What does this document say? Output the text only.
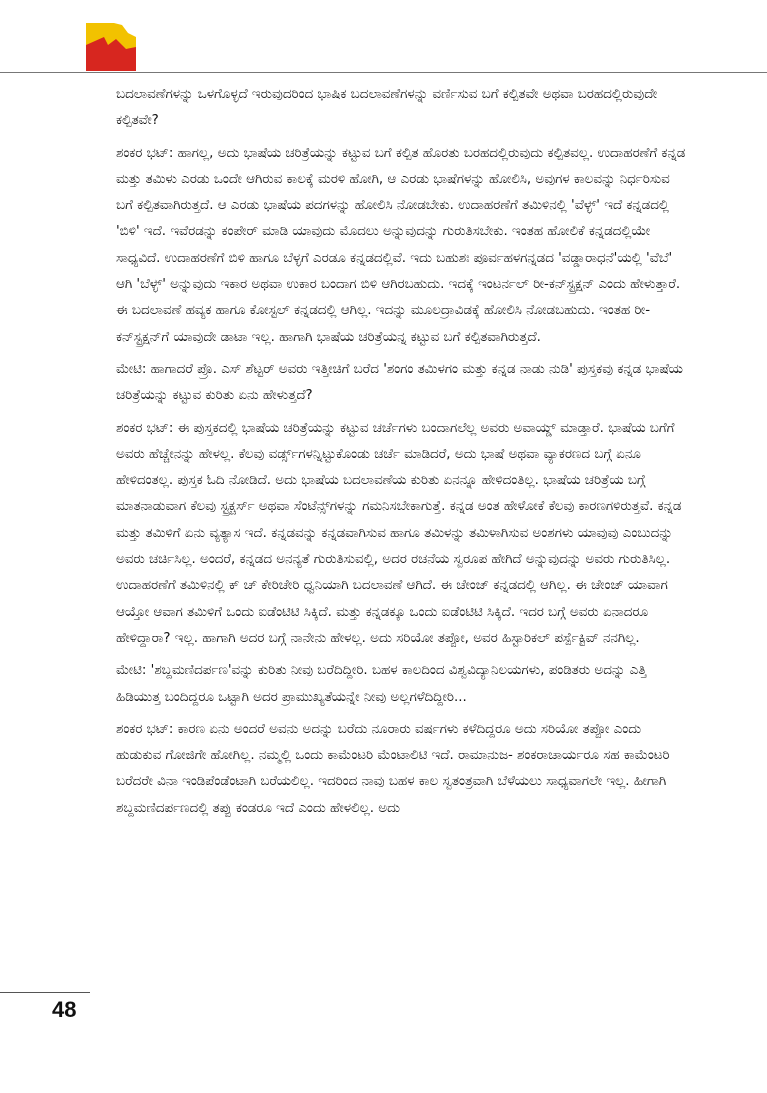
ಬದಲಾವಣೆಗಳನ್ನು ಒಳಗೊಳ್ಳದೆ ಇರುವುದರಿಂದ ಭಾಷಿಕ ಬದಲಾವಣೆಗಳನ್ನು ವರ್ಣಿಸುವ ಬಗೆ ಕಲ್ಪಿತವೇ ಅಥವಾ ಬರಹದಲ್ಲಿರುವುದೇ ಕಲ್ಪಿತವೇ?

ಶಂಕರ ಭಟ್: ಹಾಗಲ್ಲ, ಅದು ಭಾಷೆಯ ಚರಿತ್ರೆಯನ್ನು ಕಟ್ಟುವ ಬಗೆ ಕಲ್ಪಿತ ಹೊರತು ಬರಹದಲ್ಲಿರುವುದು ಕಲ್ಪಿತವಲ್ಲ. ಉದಾಹರಣೆಗೆ ಕನ್ನಡ ಮತ್ತು ತಮಿಳು ಎರಡು ಒಂದೇ ಆಗಿರುವ ಕಾಲಕ್ಕೆ ಮರಳಿ ಹೋಗಿ, ಆ ಎರಡು ಭಾಷೆಗಳನ್ನು ಹೋಲಿಸಿ, ಅವುಗಳ ಕಾಲವನ್ನು ನಿರ್ಧರಿಸುವ ಬಗೆ ಕಲ್ಪಿತವಾಗಿರುತ್ತದೆ. ಆ ಎರಡು ಭಾಷೆಯ ಪದಗಳನ್ನು ಹೋಲಿಸಿ ನೋಡಬೇಕು. ಉದಾಹರಣೆಗೆ ತಮಿಳಿನಲ್ಲಿ 'ವೆಳ್ಳ್' ಇದೆ ಕನ್ನಡದಲ್ಲಿ 'ಬಿಳಿ' ಇದೆ. ಇವೆರಡನ್ನು ಕಂಪೇರ್ ಮಾಡಿ ಯಾವುದು ಮೊದಲು ಅನ್ನುವುದನ್ನು ಗುರುತಿಸಬೇಕು. ಇಂತಹ ಹೋಲಿಕೆ ಕನ್ನಡದಲ್ಲಿಯೇ ಸಾಧ್ಯವಿದೆ. ಉದಾಹರಣೆಗೆ ಬಿಳಿ ಹಾಗೂ ಬೆಳ್ಳಗೆ ಎರಡೂ ಕನ್ನಡದಲ್ಲಿವೆ. ಇದು ಬಹುಶಃ ಪೂರ್ವಹಳಗನ್ನಡದ 'ವಡ್ಡಾರಾಧನೆ'ಯಲ್ಲಿ 'ವೆಬೆ' ಆಗಿ 'ಬೆಳ್ಳ್' ಅನ್ನುವುದು ಇಕಾರ ಅಥವಾ ಉಕಾರ ಬಂದಾಗ ಬಿಳಿ ಆಗಿರಬಹುದು. ಇದಕ್ಕೆ ಇಂಟರ್ನಲ್ ರೀ-ಕನ್‌ಸ್ಟ್ರಕ್ಷನ್ ಎಂದು ಹೇಳುತ್ತಾರೆ. ಈ ಬದಲಾವಣೆ ಹವ್ಯಕ ಹಾಗೂ ಕೋಸ್ಟಲ್ ಕನ್ನಡದಲ್ಲಿ ಆಗಿಲ್ಲ. ಇದನ್ನು ಮೂಲದ್ರಾವಿಡಕ್ಕೆ ಹೋಲಿಸಿ ನೋಡಬಹುದು. ಇಂತಹ ರೀ-ಕನ್‌ಸ್ಟ್ರಕ್ಷನ್‌ಗೆ ಯಾವುದೇ ಡಾಟಾ ಇಲ್ಲ. ಹಾಗಾಗಿ ಭಾಷೆಯ ಚರಿತ್ರೆಯನ್ನ ಕಟ್ಟುವ ಬಗೆ ಕಲ್ಪಿತವಾಗಿರುತ್ತದೆ.

ಮೇಟಿ: ಹಾಗಾದರೆ ಪ್ರೊ. ಎಸ್ ಶೆಟ್ಟರ್ ಅವರು ಇತ್ತೀಚಿಗೆ ಬರೆದ 'ಶಂಗಂ ತಮಿಳಗಂ ಮತ್ತು ಕನ್ನಡ ನಾಡು ನುಡಿ' ಪುಸ್ತಕವು ಕನ್ನಡ ಭಾಷೆಯ ಚರಿತ್ರೆಯನ್ನು ಕಟ್ಟುವ ಕುರಿತು ಏನು ಹೇಳುತ್ತದೆ?

ಶಂಕರ ಭಟ್: ಈ ಪುಸ್ತಕದಲ್ಲಿ ಭಾಷೆಯ ಚರಿತ್ರೆಯನ್ನು ಕಟ್ಟುವ ಚರ್ಚೆಗಳು ಬಂದಾಗಲೆಲ್ಲ ಅವರು ಅವಾಯ್ಡ್ ಮಾಡ್ತಾರೆ. ಭಾಷೆಯ ಬಗೆಗೆ ಅವರು ಹೆಚ್ಚೇನನ್ನು ಹೇಳಲ್ಲ. ಕೆಲವು ವರ್ಡ್ಸ್‌ಗಳನ್ನಿಟ್ಟುಕೊಂಡು ಚರ್ಚೆ ಮಾಡಿದರೆ, ಅದು ಭಾಷೆ ಅಥವಾ ವ್ಯಾಕರಣದ ಬಗ್ಗೆ ಏನೂ ಹೇಳಿದಂತಲ್ಲ. ಪುಸ್ತಕ ಓದಿ ನೋಡಿದೆ. ಅದು ಭಾಷೆಯ ಬದಲಾವಣೆಯ ಕುರಿತು ಏನನ್ನೂ ಹೇಳಿದಂತಿಲ್ಲ. ಭಾಷೆಯ ಚರಿತ್ರೆಯ ಬಗ್ಗೆ ಮಾತನಾಡುವಾಗ ಕೆಲವು ಸ್ಟ್ರಕ್ಚರ್ಸ್ ಅಥವಾ ಸೆಂಟೆನ್ಸ್‌ಗಳನ್ನು ಗಮನಿಸಬೇಕಾಗುತ್ತೆ. ಕನ್ನಡ ಅಂತ ಹೇಳೋಕೆ ಕೆಲವು ಕಾರಣಗಳಿರುತ್ತವೆ. ಕನ್ನಡ ಮತ್ತು ತಮಿಳಿಗೆ ಏನು ವ್ಯತ್ಯಾಸ ಇದೆ. ಕನ್ನಡವನ್ನು ಕನ್ನಡವಾಗಿಸುವ ಹಾಗೂ ತಮಿಳನ್ನು ತಮಿಳಾಗಿಸುವ ಅಂಶಗಳು ಯಾವುವು ಎಂಬುದನ್ನು ಅವರು ಚರ್ಚಿಸಿಲ್ಲ. ಅಂದರೆ, ಕನ್ನಡದ ಅನನ್ಯತೆ ಗುರುತಿಸುವಲ್ಲಿ, ಅದರ ರಚನೆಯ ಸ್ವರೂಪ ಹೇಗಿದೆ ಅನ್ನುವುದನ್ನು ಅವರು ಗುರುತಿಸಿಲ್ಲ. ಉದಾಹರಣೆಗೆ ತಮಿಳಿನಲ್ಲಿ ಕ್ ಚ್ ಕೇರಿಚೇರಿ ಧ್ವನಿಯಾಗಿ ಬದಲಾವಣೆ ಆಗಿದೆ. ಈ ಚೇಂಜ್ ಕನ್ನಡದಲ್ಲಿ ಆಗಿಲ್ಲ. ಈ ಚೇಂಜ್ ಯಾವಾಗ ಆಯ್ತೋ ಆವಾಗ ತಮಿಳಿಗೆ ಒಂದು ಐಡೆಂಟಿಟಿ ಸಿಕ್ಕಿದೆ. ಮತ್ತು ಕನ್ನಡಕ್ಕೂ ಒಂದು ಐಡೆಂಟಿಟಿ ಸಿಕ್ಕಿದೆ. ಇದರ ಬಗ್ಗೆ ಅವರು ಏನಾದರೂ ಹೇಳಿದ್ದಾರಾ? ಇಲ್ಲ. ಹಾಗಾಗಿ ಅದರ ಬಗ್ಗೆ ನಾನೇನು ಹೇಳಲ್ಲ. ಅದು ಸರಿಯೋ ತಪ್ಪೋ, ಅವರ ಹಿಸ್ಟಾರಿಕಲ್ ಪರ್ಸ್ಪೆಕ್ಟಿವ್ ನನಗಿಲ್ಲ.

ಮೇಟಿ: 'ಶಬ್ದಮಣಿದರ್ಪಣ'ವನ್ನು ಕುರಿತು ನೀವು ಬರೆದಿದ್ದೀರಿ. ಬಹಳ ಕಾಲದಿಂದ ವಿಶ್ವವಿದ್ಯಾನಿಲಯಗಳು, ಪಂಡಿತರು ಅದನ್ನು ಎತ್ತಿ ಹಿಡಿಯುತ್ತ ಬಂದಿದ್ದರೂ ಒಟ್ಟಾಗಿ ಅದರ ಪ್ರಾಮುಖ್ಯತೆಯನ್ನೇ ನೀವು ಅಲ್ಲಗಳೆದಿದ್ದೀರಿ...

ಶಂಕರ ಭಟ್: ಕಾರಣ ಏನು ಅಂದರೆ ಅವನು ಅದನ್ನು ಬರೆದು ನೂರಾರು ವರ್ಷಗಳು ಕಳೆದಿದ್ದರೂ ಅದು ಸರಿಯೋ ತಪ್ಪೋ ಎಂದು ಹುಡುಕುವ ಗೋಜಿಗೇ ಹೋಗಿಲ್ಲ. ನಮ್ಮಲ್ಲಿ ಒಂದು ಕಾಮೆಂಟರಿ ಮೆಂಟಾಲಿಟಿ ಇದೆ. ರಾಮಾನುಜ- ಶಂಕರಾಚಾರ್ಯರೂ ಸಹ ಕಾಮೆಂಟರಿ ಬರೆದರೇ ವಿನಾ ಇಂಡಿಪೆಂಡೆಂಟಾಗಿ ಬರೆಯಲಿಲ್ಲ. ಇದರಿಂದ ನಾವು ಬಹಳ ಕಾಲ ಸ್ವತಂತ್ರವಾಗಿ ಬೆಳೆಯಲು ಸಾಧ್ಯವಾಗಲೇ ಇಲ್ಲ. ಹೀಗಾಗಿ ಶಬ್ದಮಣಿದರ್ಪಣದಲ್ಲಿ ತಪ್ಪು ಕಂಡರೂ ಇದೆ ಎಂದು ಹೇಳಲಿಲ್ಲ. ಅದು

48
